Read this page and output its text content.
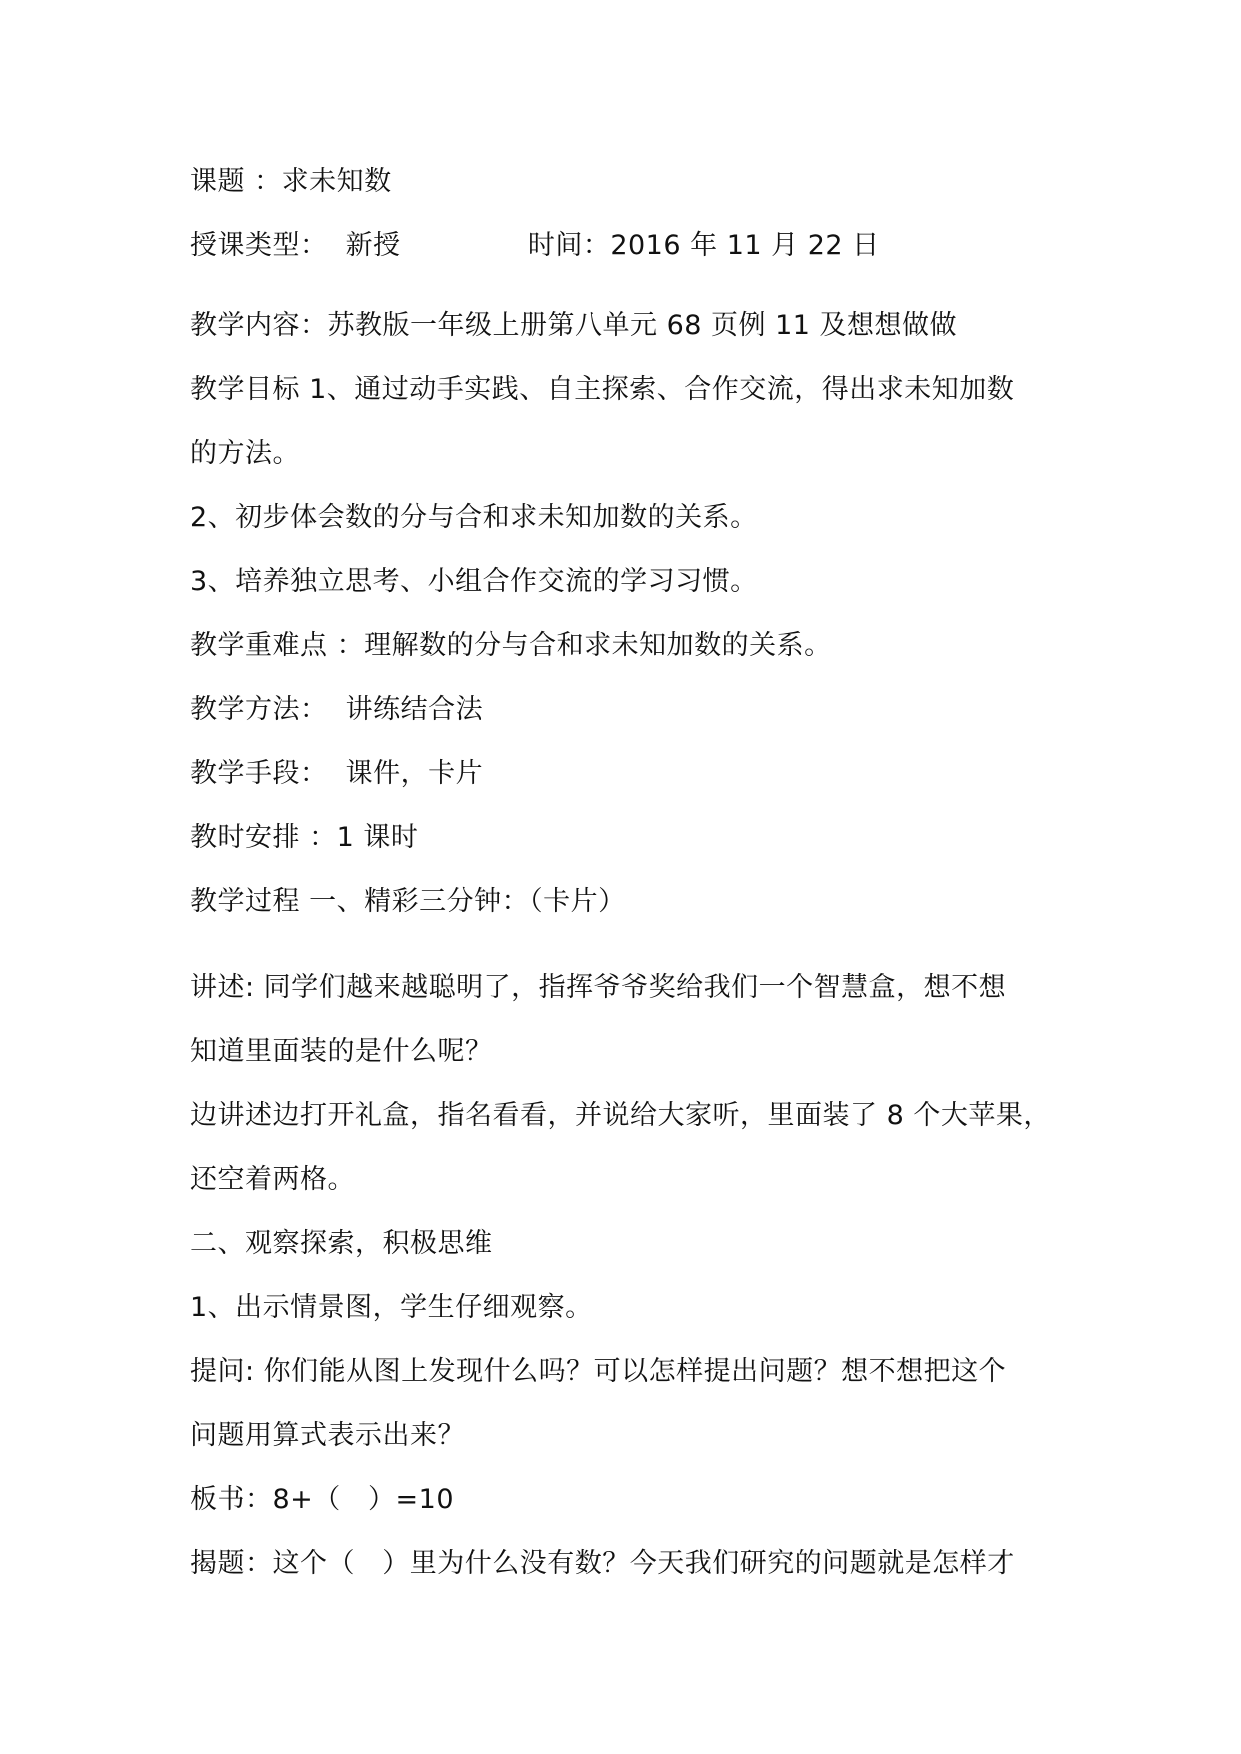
课题 ：求未知数
授课类型：  新授              时间：2016 年 11 月 22 日
教学内容：苏教版一年级上册第八单元 68 页例 11 及想想做做
教学目标 1、通过动手实践、自主探索、合作交流，得出求未知加数
的方法。
2、初步体会数的分与合和求未知加数的关系。
3、培养独立思考、小组合作交流的学习习惯。
教学重难点 ：理解数的分与合和求未知加数的关系。
教学方法：  讲练结合法
教学手段：  课件，卡片
教时安排 ：1 课时
教学过程 一、精彩三分钟：（卡片）
讲述: 同学们越来越聪明了，指挥爷爷奖给我们一个智慧盒，想不想
知道里面装的是什么呢？
边讲述边打开礼盒，指名看看，并说给大家听，里面装了 8 个大苹果，
还空着两格。
二、观察探索，积极思维
1、出示情景图，学生仔细观察。
提问: 你们能从图上发现什么吗？可以怎样提出问题？想不想把这个
问题用算式表示出来？
板书：8+（   ）=10
揭题：这个（   ）里为什么没有数？今天我们研究的问题就是怎样才
